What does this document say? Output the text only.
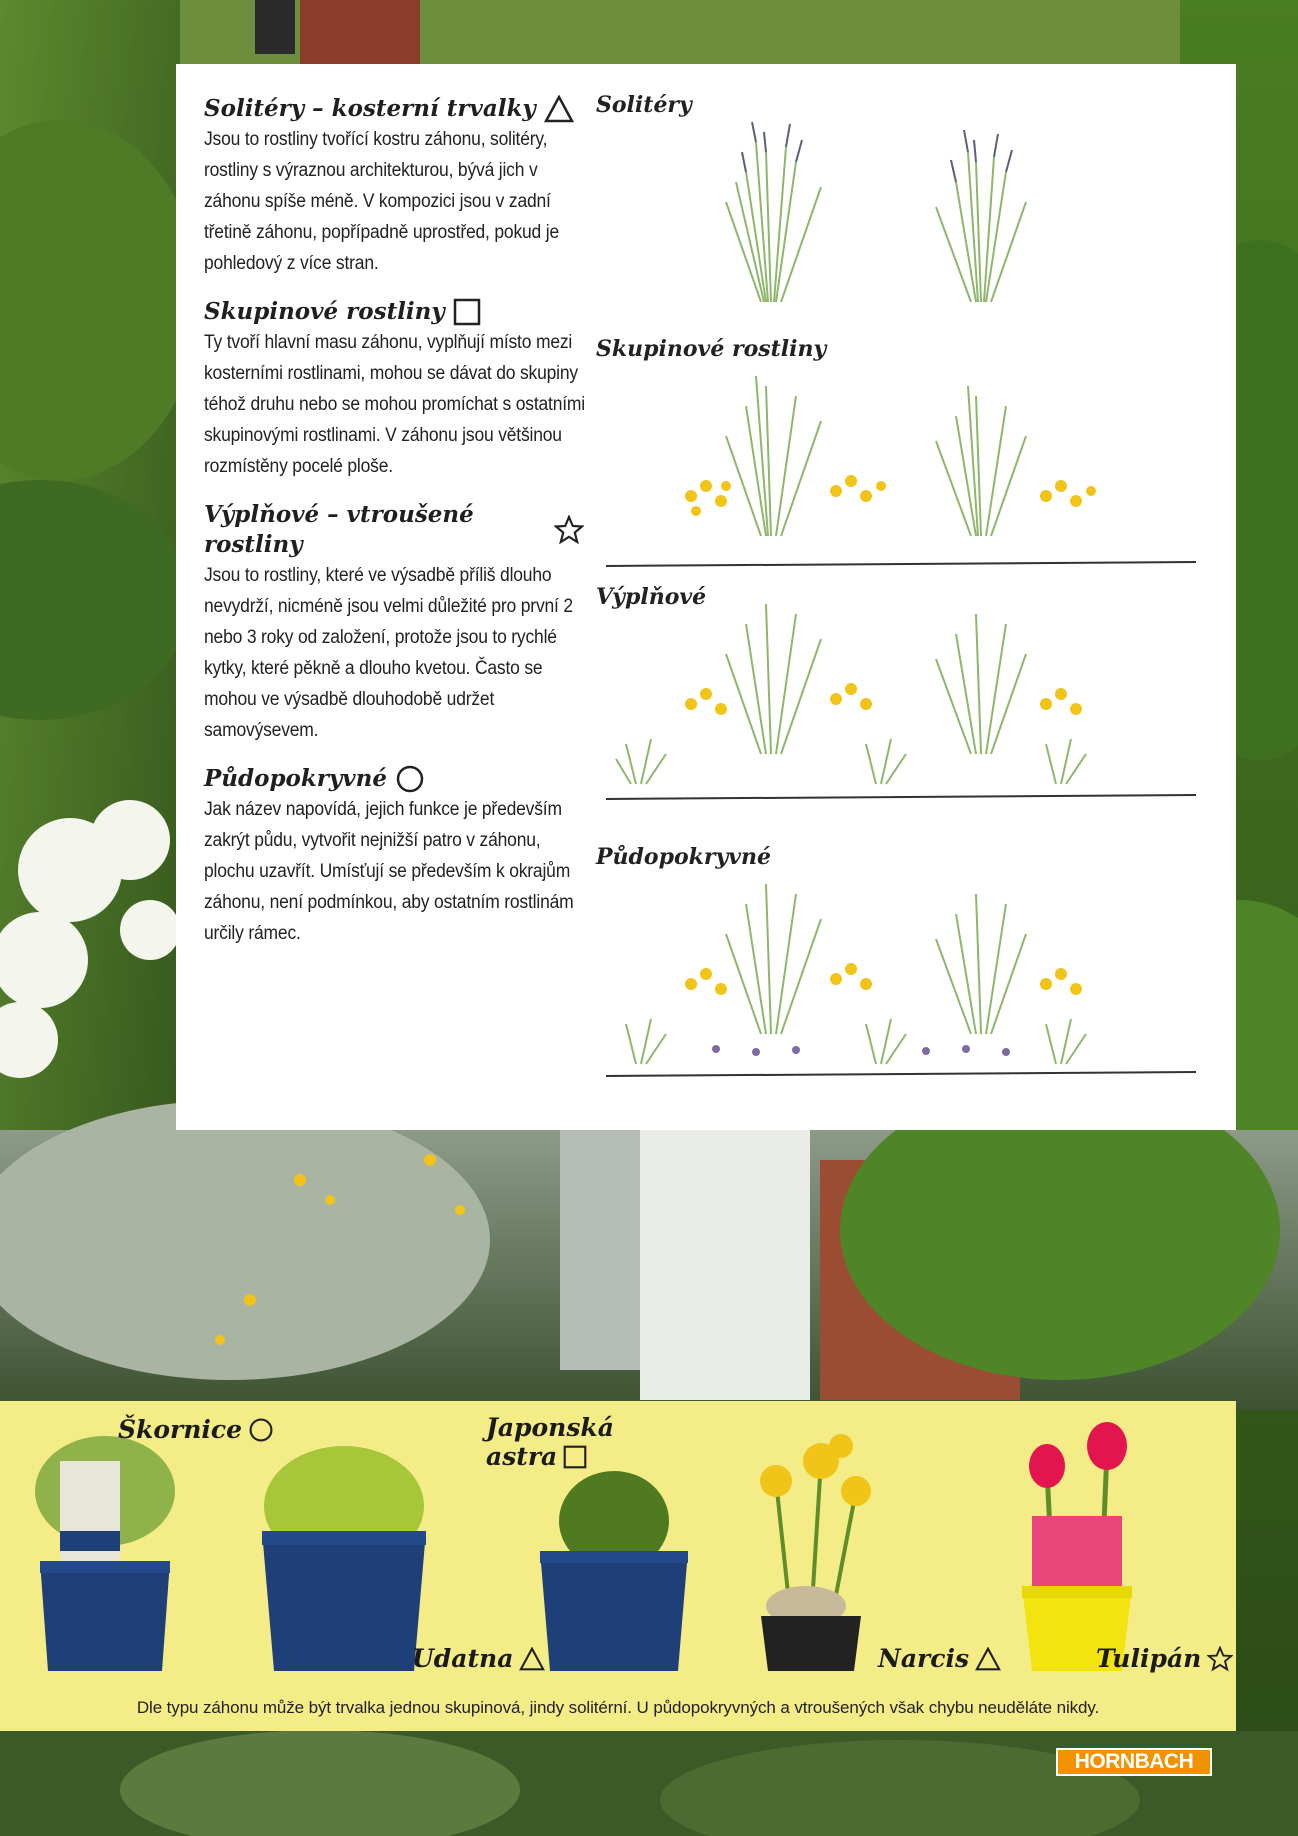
Solitéry – kosterní trvalky
Jsou to rostliny tvořící kostru záhonu, solitéry, rostliny s výraznou architekturou, bývá jich v záhonu spíše méně. V kompozici jsou v zadní třetině záhonu, popřípadně uprostřed, pokud je pohledový z více stran.
Skupinové rostliny
Ty tvoří hlavní masu záhonu, vyplňují místo mezi kosterními rostlinami, mohou se dávat do skupiny téhož druhu nebo se mohou promíchat s ostatními skupinovými rostlinami. V záhonu jsou většinou rozmístěny pocelé ploše.
Výplňové – vtroušené rostliny
Jsou to rostliny, které ve výsadbě příliš dlouho nevydrží, nicméně jsou velmi důležité pro první 2 nebo 3 roky od založení, protože jsou to rychlé kytky, které pěkně a dlouho kvetou. Často se mohou ve výsadbě dlouhodobě udržet samovýsevem.
Půdopokryvné
Jak název napovídá, jejich funkce je především zakrýt půdu, vytvořit nejnižší patro v záhonu, plochu uzavřít. Umísťují se především k okrajům záhonu, není podmínkou, aby ostatním rostlinám určily rámec.
Solitéry
Skupinové rostliny
Výplňové
Půdopokryvné
Škornice
Udatna
Japonská
astra
Narcis	Tulipán
Dle typu záhonu může být trvalka jednou skupinová, jindy solitérní. U půdopokryvných a vtroušených však chybu neuděláte nikdy.
HORNBACH
